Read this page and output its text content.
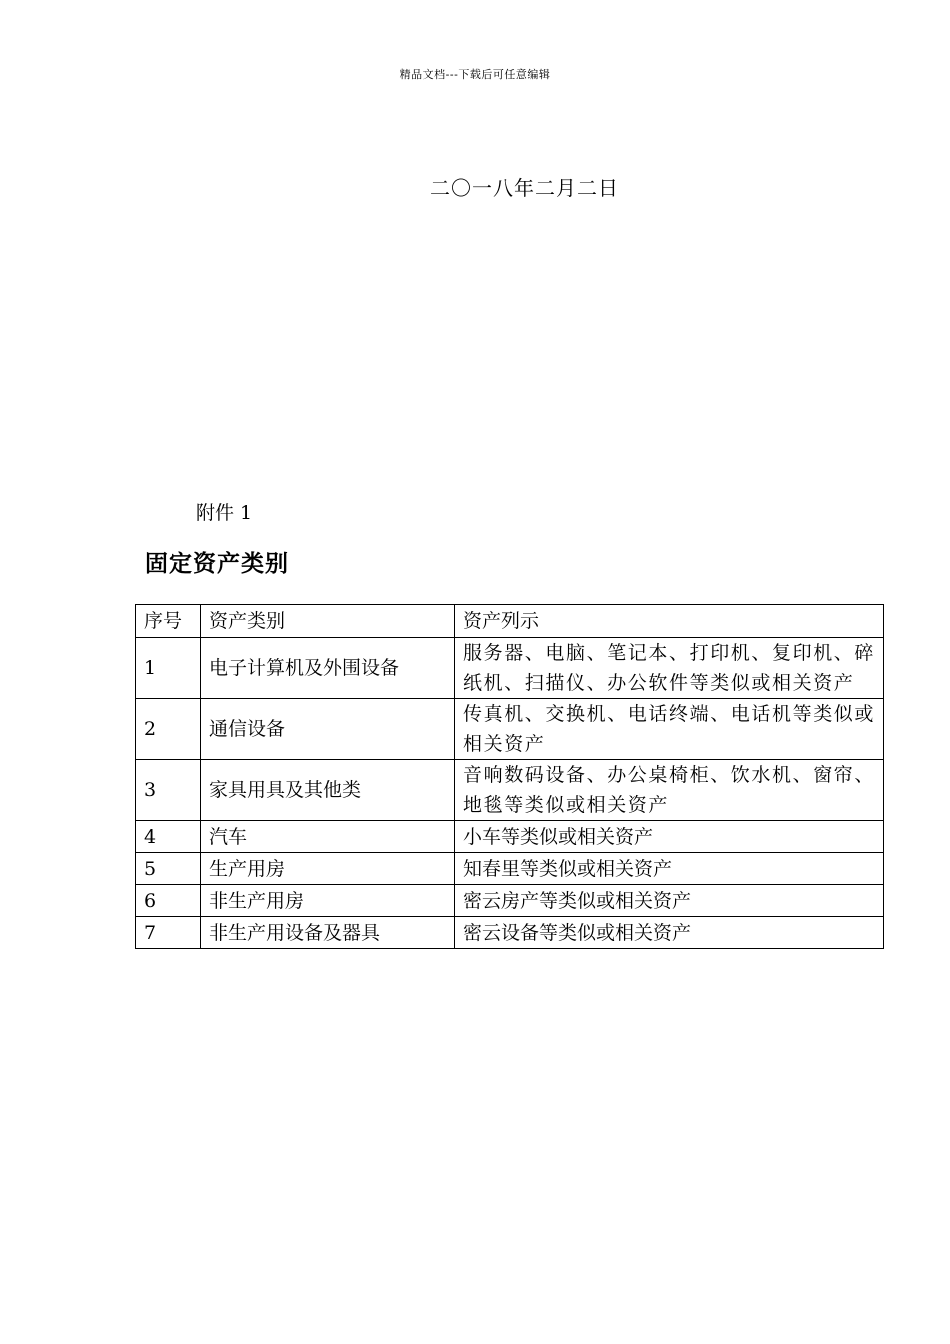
精品文档---下载后可任意编辑
二〇一八年二月二日
附件 1
固定资产类别
序号	资产类别	资产列示
1	电子计算机及外围设备	服务器、电脑、笔记本、打印机、复印机、碎纸机、扫描仪、办公软件等类似或相关资产
2	通信设备	传真机、交换机、电话终端、电话机等类似或相关资产
3	家具用具及其他类	音响数码设备、办公桌椅柜、饮水机、窗帘、地毯等类似或相关资产
4	汽车	小车等类似或相关资产
5	生产用房	知春里等类似或相关资产
6	非生产用房	密云房产等类似或相关资产
7	非生产用设备及器具	密云设备等类似或相关资产
